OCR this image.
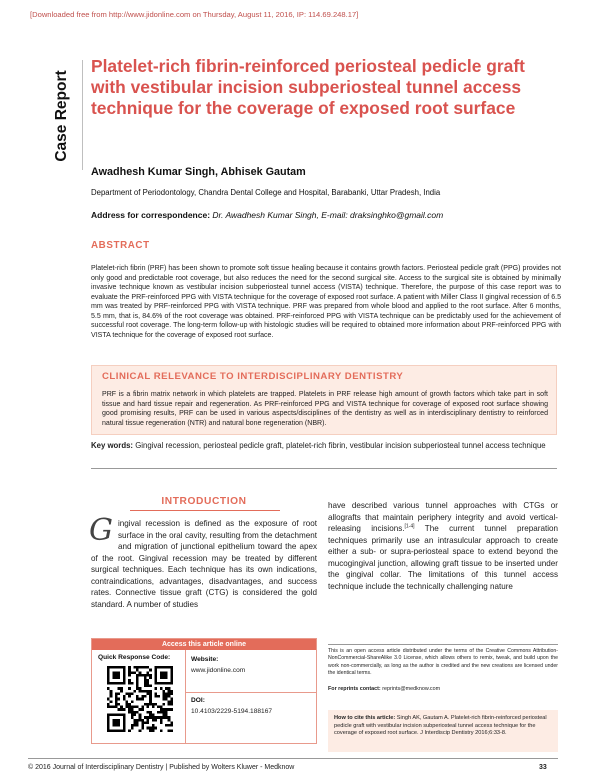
[Downloaded free from http://www.jidonline.com on Thursday, August 11, 2016, IP: 114.69.248.17]
Case Report
Platelet-rich fibrin-reinforced periosteal pedicle graft with vestibular incision subperiosteal tunnel access technique for the coverage of exposed root surface
Awadhesh Kumar Singh, Abhisek Gautam
Department of Periodontology, Chandra Dental College and Hospital, Barabanki, Uttar Pradesh, India
Address for correspondence: Dr. Awadhesh Kumar Singh, E-mail: draksinghko@gmail.com
ABSTRACT

Platelet-rich fibrin (PRF) has been shown to promote soft tissue healing because it contains growth factors. Periosteal pedicle graft (PPG) provides not only good and predictable root coverage, but also reduces the need for the second surgical site. Access to the surgical site is obtained by minimally invasive technique known as vestibular incision subperiosteal tunnel access (VISTA) technique. Therefore, the purpose of this case report was to evaluate the PRF-reinforced PPG with VISTA technique for the coverage of exposed root surface. A patient with Miller Class II gingival recession of 6.5 mm was treated by PRF-reinforced PPG with VISTA technique. PRF was prepared from whole blood and applied to the root surface. After 6 months, 5.5 mm, that is, 84.6% of the root coverage was obtained. PRF-reinforced PPG with VISTA technique can be predictably used for the achievement of successful root coverage. The long-term follow-up with histologic studies will be required to obtained more information about PRF-reinforced PPG with VISTA technique for the coverage of exposed root surface.

CLINICAL RELEVANCE TO INTERDISCIPLINARY DENTISTRY

PRF is a fibrin matrix network in which platelets are trapped. Platelets in PRF release high amount of growth factors which take part in soft tissue and hard tissue repair and regeneration. As PRF-reinforced PPG and VISTA technique for coverage of exposed root surface showing good promising results, PRF can be used in various aspects/disciplines of the dentistry as well as in interdisciplinary dentistry to reinforced natural tissue regeneration (NTR) and natural bone regeneration (NBR).

Key words: Gingival recession, periosteal pedicle graft, platelet-rich fibrin, vestibular incision subperiosteal tunnel access technique
INTRODUCTION
Gingival recession is defined as the exposure of root surface in the oral cavity, resulting from the detachment and migration of junctional epithelium toward the apex of the root. Gingival recession may be treated by different surgical techniques. Each technique has its own indications, contraindications, advantages, disadvantages, and success rates. Connective tissue graft (CTG) is considered the gold standard. A number of studies
have described various tunnel approaches with CTGs or allografts that maintain periphery integrity and avoid vertical-releasing incisions.[1-4] The current tunnel preparation techniques primarily use an intrasulcular approach to create either a sub- or supra-periosteal space to extend beyond the mucogingival junction, allowing graft tissue to be inserted under the gingival collar. The limitations of this tunnel access technique include the technically challenging nature
Access this article online
Quick Response Code:	Website:
www.jidonline.com
DOI:
10.4103/2229-5194.188167

This is an open access article distributed under the terms of the Creative Commons Attribution-NonCommercial-ShareAlike 3.0 License, which allows others to remix, tweak, and build upon the work non-commercially, as long as the author is credited and the new creations are licensed under the identical terms.

For reprints contact: reprints@medknow.com

How to cite this article: Singh AK, Gautam A. Platelet-rich fibrin-reinforced periosteal pedicle graft with vestibular incision subperiosteal tunnel access technique for the coverage of exposed root surface. J Interdiscip Dentistry 2016;6:33-8.

© 2016 Journal of Interdisciplinary Dentistry | Published by Wolters Kluwer - Medknow	33
